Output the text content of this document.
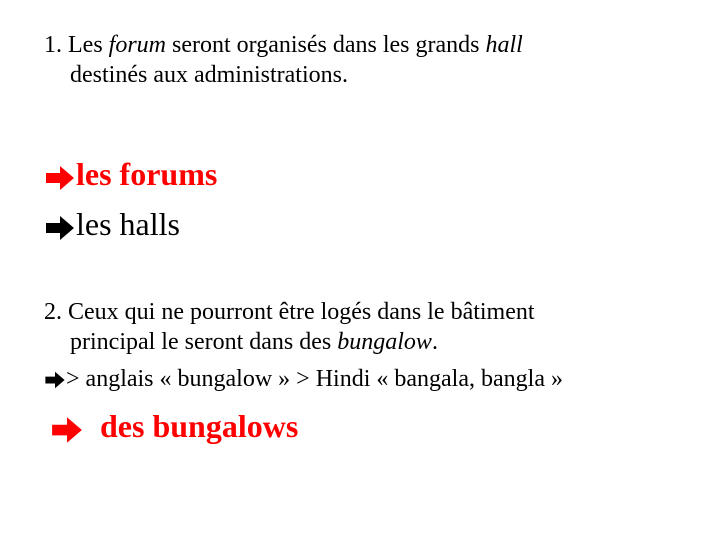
1. Les forum seront organisés dans les grands hall
destinés aux administrations.
les forums
les halls
2. Ceux qui ne pourront être logés dans le bâtiment
principal le seront dans des bungalow.
> anglais « bungalow » > Hindi « bangala, bangla »
des bungalows
